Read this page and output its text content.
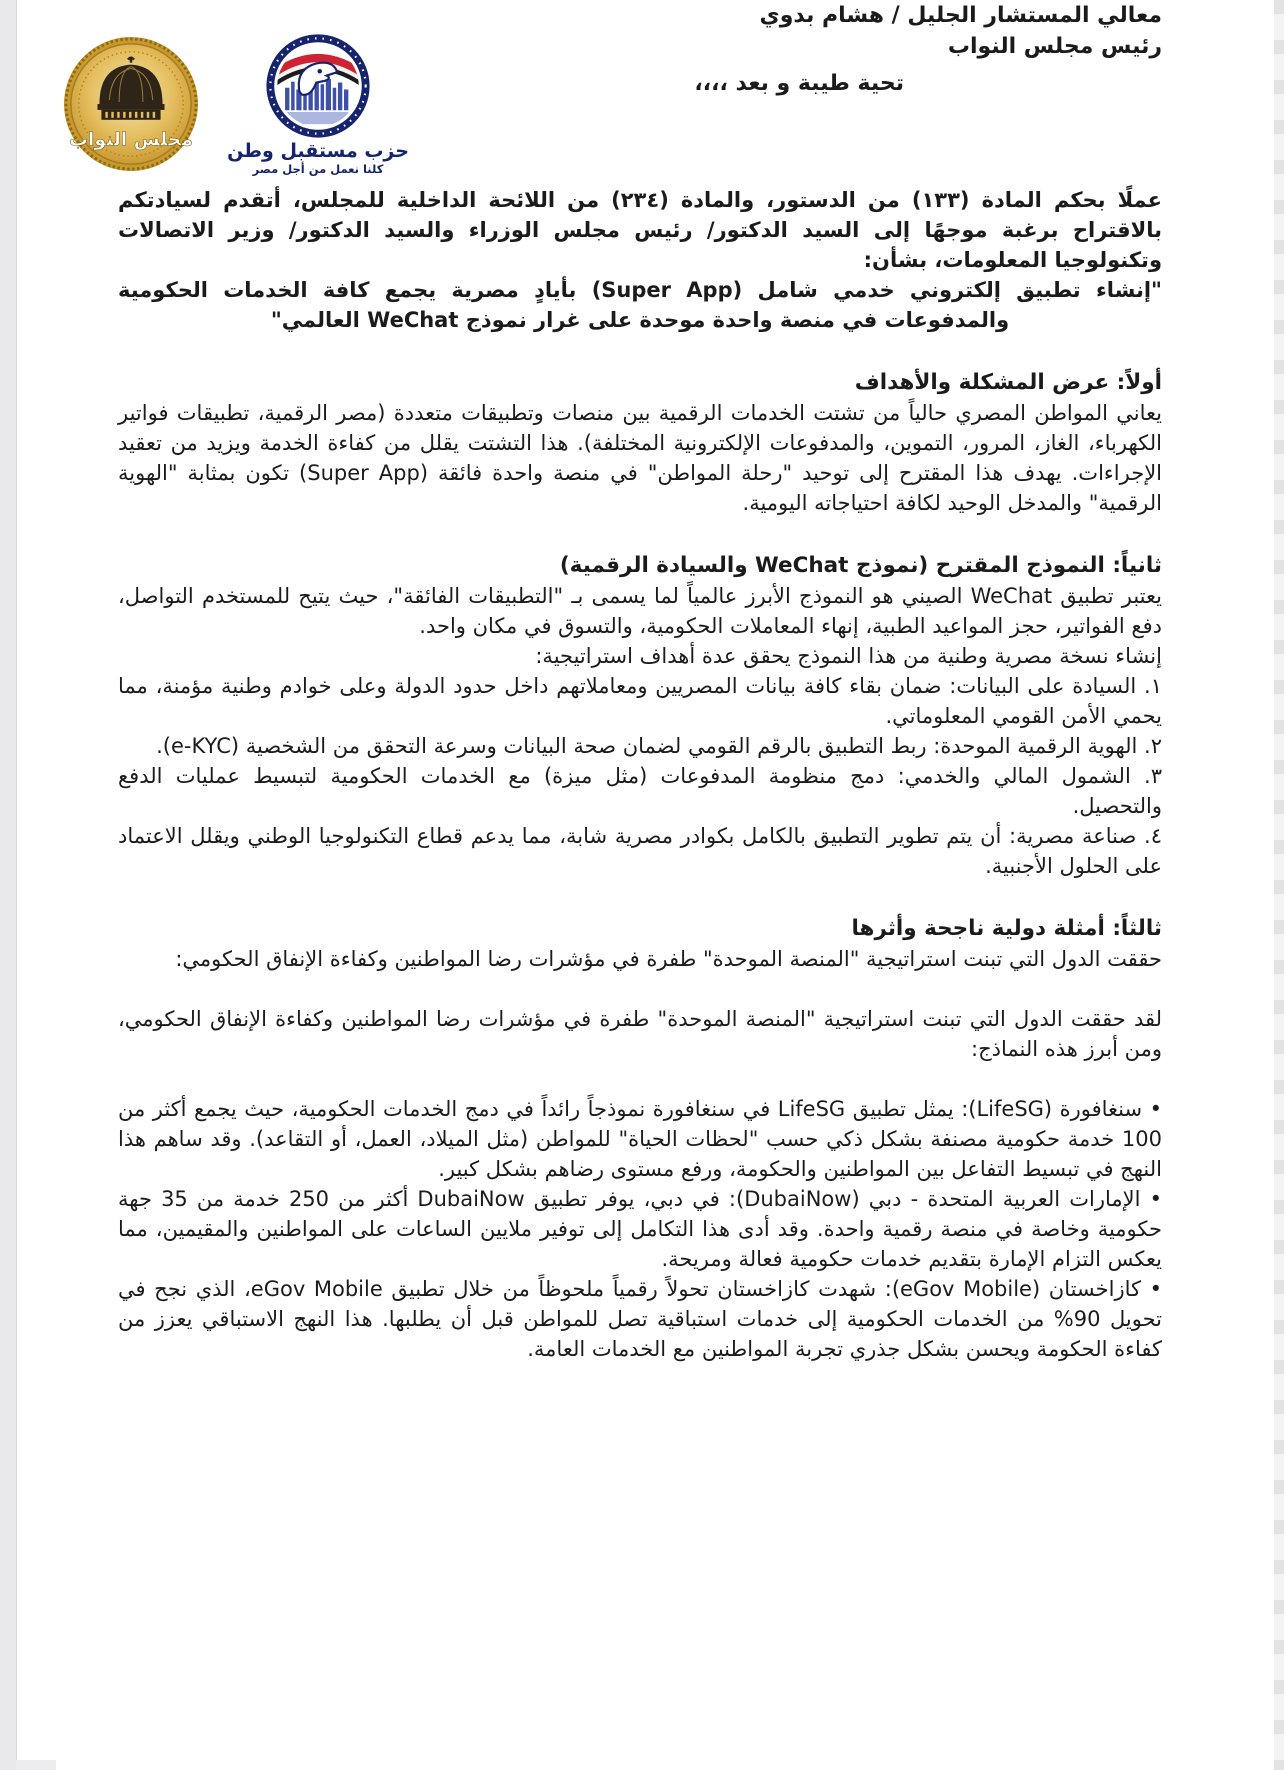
مجلس النواب
حزب مستقبل وطن
كلنا نعمل من أجل مصر
معالي المستشار الجليل / هشام بدوي
رئيس مجلس النواب
تحية طيبة و بعد ،،،،

عملًا بحكم المادة (١٣٣) من الدستور، والمادة (٢٣٤) من اللائحة الداخلية للمجلس، أتقدم لسيادتكم بالاقتراح برغبة موجهًا إلى السيد الدكتور/ رئيس مجلس الوزراء والسيد الدكتور/ وزير الاتصالات وتكنولوجيا المعلومات، بشأن:

"إنشاء تطبيق إلكتروني خدمي شامل (Super App) بأيادٍ مصرية يجمع كافة الخدمات الحكومية والمدفوعات في منصة واحدة موحدة على غرار نموذج WeChat العالمي"

أولاً: عرض المشكلة والأهداف

يعاني المواطن المصري حالياً من تشتت الخدمات الرقمية بين منصات وتطبيقات متعددة (مصر الرقمية، تطبيقات فواتير الكهرباء، الغاز، المرور، التموين، والمدفوعات الإلكترونية المختلفة). هذا التشتت يقلل من كفاءة الخدمة ويزيد من تعقيد الإجراءات. يهدف هذا المقترح إلى توحيد "رحلة المواطن" في منصة واحدة فائقة (Super App) تكون بمثابة "الهوية الرقمية" والمدخل الوحيد لكافة احتياجاته اليومية.

ثانياً: النموذج المقترح (نموذج WeChat والسيادة الرقمية)

يعتبر تطبيق WeChat الصيني هو النموذج الأبرز عالمياً لما يسمى بـ "التطبيقات الفائقة"، حيث يتيح للمستخدم التواصل، دفع الفواتير، حجز المواعيد الطبية، إنهاء المعاملات الحكومية، والتسوق في مكان واحد.

إنشاء نسخة مصرية وطنية من هذا النموذج يحقق عدة أهداف استراتيجية:

١. السيادة على البيانات: ضمان بقاء كافة بيانات المصريين ومعاملاتهم داخل حدود الدولة وعلى خوادم وطنية مؤمنة، مما يحمي الأمن القومي المعلوماتي.

٢. الهوية الرقمية الموحدة: ربط التطبيق بالرقم القومي لضمان صحة البيانات وسرعة التحقق من الشخصية (e-KYC).

٣. الشمول المالي والخدمي: دمج منظومة المدفوعات (مثل ميزة) مع الخدمات الحكومية لتبسيط عمليات الدفع والتحصيل.

٤. صناعة مصرية: أن يتم تطوير التطبيق بالكامل بكوادر مصرية شابة، مما يدعم قطاع التكنولوجيا الوطني ويقلل الاعتماد على الحلول الأجنبية.

ثالثاً: أمثلة دولية ناجحة وأثرها

حققت الدول التي تبنت استراتيجية "المنصة الموحدة" طفرة في مؤشرات رضا المواطنين وكفاءة الإنفاق الحكومي:

لقد حققت الدول التي تبنت استراتيجية "المنصة الموحدة" طفرة في مؤشرات رضا المواطنين وكفاءة الإنفاق الحكومي، ومن أبرز هذه النماذج:

• سنغافورة (LifeSG): يمثل تطبيق LifeSG في سنغافورة نموذجاً رائداً في دمج الخدمات الحكومية، حيث يجمع أكثر من 100 خدمة حكومية مصنفة بشكل ذكي حسب "لحظات الحياة" للمواطن (مثل الميلاد، العمل، أو التقاعد). وقد ساهم هذا النهج في تبسيط التفاعل بين المواطنين والحكومة، ورفع مستوى رضاهم بشكل كبير.

• الإمارات العربية المتحدة - دبي (DubaiNow): في دبي، يوفر تطبيق DubaiNow أكثر من 250 خدمة من 35 جهة حكومية وخاصة في منصة رقمية واحدة. وقد أدى هذا التكامل إلى توفير ملايين الساعات على المواطنين والمقيمين، مما يعكس التزام الإمارة بتقديم خدمات حكومية فعالة ومريحة.

• كازاخستان (eGov Mobile): شهدت كازاخستان تحولاً رقمياً ملحوظاً من خلال تطبيق eGov Mobile، الذي نجح في تحويل 90% من الخدمات الحكومية إلى خدمات استباقية تصل للمواطن قبل أن يطلبها. هذا النهج الاستباقي يعزز من كفاءة الحكومة ويحسن بشكل جذري تجربة المواطنين مع الخدمات العامة.
